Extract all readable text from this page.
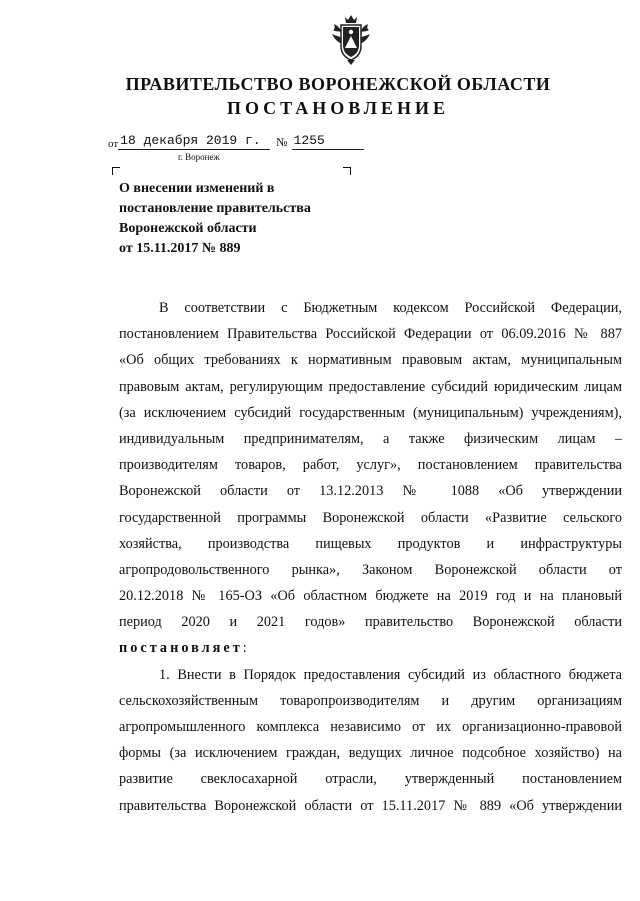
ПРАВИТЕЛЬСТВО ВОРОНЕЖСКОЙ ОБЛАСТИ
ПОСТАНОВЛЕНИЕ
от 18 декабря 2019 г.	№ 1255
г. Воронеж
О внесении изменений в
постановление правительства
Воронежской области
от 15.11.2017 № 889
В соответствии с Бюджетным кодексом Российской Федерации,
постановлением Правительства Российской Федерации от 06.09.2016 № 887
«Об общих требованиях к нормативным правовым актам, муниципальным
правовым актам, регулирующим предоставление субсидий юридическим лицам
(за исключением субсидий государственным (муниципальным) учреждениям),
индивидуальным предпринимателям, а также физическим лицам –
производителям товаров, работ, услуг», постановлением правительства
Воронежской области от 13.12.2013 № 1088 «Об утверждении
государственной программы Воронежской области «Развитие сельского
хозяйства, производства пищевых продуктов и инфраструктуры
агропродовольственного рынка», Законом Воронежской области от
20.12.2018 № 165-ОЗ «Об областном бюджете на 2019 год и на плановый
период 2020 и 2021 годов» правительство Воронежской области
постановляет:
1. Внести в Порядок предоставления субсидий из областного бюджета
сельскохозяйственным товаропроизводителям и другим организациям
агропромышленного комплекса независимо от их организационно-правовой
формы (за исключением граждан, ведущих личное подсобное хозяйство) на
развитие свеклосахарной отрасли, утвержденный постановлением
правительства Воронежской области от 15.11.2017 № 889 «Об утверждении
